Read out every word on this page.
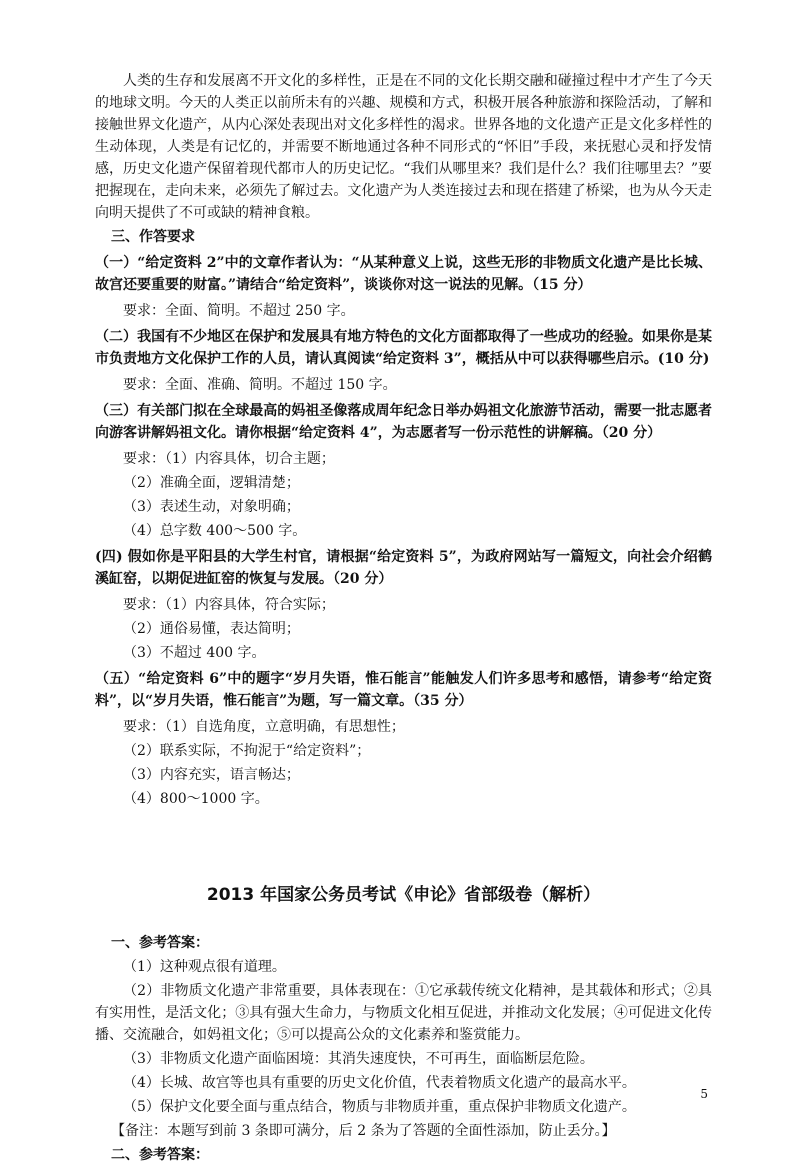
人类的生存和发展离不开文化的多样性，正是在不同的文化长期交融和碰撞过程中才产生了今天的地球文明。今天的人类正以前所未有的兴趣、规模和方式，积极开展各种旅游和探险活动，了解和接触世界文化遗产，从内心深处表现出对文化多样性的渴求。世界各地的文化遗产正是文化多样性的生动体现，人类是有记忆的，并需要不断地通过各种不同形式的“怀旧”手段，来抚慰心灵和抒发情感，历史文化遗产保留着现代都市人的历史记忆。“我们从哪里来？我们是什么？我们往哪里去？”要把握现在，走向未来，必须先了解过去。文化遗产为人类连接过去和现在搭建了桥梁，也为从今天走向明天提供了不可或缺的精神食粮。

三、作答要求

（一）“给定资料 2”中的文章作者认为：“从某种意义上说，这些无形的非物质文化遗产是比长城、故宫还要重要的财富。”请结合“给定资料”，谈谈你对这一说法的见解。（15 分）

要求：全面、简明。不超过 250 字。

（二）我国有不少地区在保护和发展具有地方特色的文化方面都取得了一些成功的经验。如果你是某市负责地方文化保护工作的人员，请认真阅读“给定资料 3”，概括从中可以获得哪些启示。(10 分)

要求：全面、准确、简明。不超过 150 字。

（三）有关部门拟在全球最高的妈祖圣像落成周年纪念日举办妈祖文化旅游节活动，需要一批志愿者向游客讲解妈祖文化。请你根据“给定资料 4”，为志愿者写一份示范性的讲解稿。（20 分）

要求：（1）内容具体，切合主题；

（2）准确全面，逻辑清楚；

（3）表述生动，对象明确；

（4）总字数 400～500 字。

(四) 假如你是平阳县的大学生村官，请根据“给定资料 5”，为政府网站写一篇短文，向社会介绍鹤溪缸窑，以期促进缸窑的恢复与发展。（20 分）

要求：（1）内容具体，符合实际；

（2）通俗易懂，表达简明；

（3）不超过 400 字。

（五）“给定资料 6”中的题字“岁月失语，惟石能言”能触发人们许多思考和感悟，请参考“给定资料”，以“岁月失语，惟石能言”为题，写一篇文章。（35 分）

要求：（1）自选角度，立意明确，有思想性；

（2）联系实际，不拘泥于“给定资料”；

（3）内容充实，语言畅达；

（4）800～1000 字。

2013 年国家公务员考试《申论》省部级卷（解析）

一、参考答案：

（1）这种观点很有道理。

（2）非物质文化遗产非常重要，具体表现在：①它承载传统文化精神，是其载体和形式；②具有实用性，是活文化；③具有强大生命力，与物质文化相互促进，并推动文化发展；④可促进文化传播、交流融合，如妈祖文化；⑤可以提高公众的文化素养和鉴赏能力。

（3）非物质文化遗产面临困境：其消失速度快，不可再生，面临断层危险。

（4）长城、故宫等也具有重要的历史文化价值，代表着物质文化遗产的最高水平。

（5）保护文化要全面与重点结合，物质与非物质并重，重点保护非物质文化遗产。

【备注：本题写到前 3 条即可满分，后 2 条为了答题的全面性添加，防止丢分。】

二、参考答案：

5
